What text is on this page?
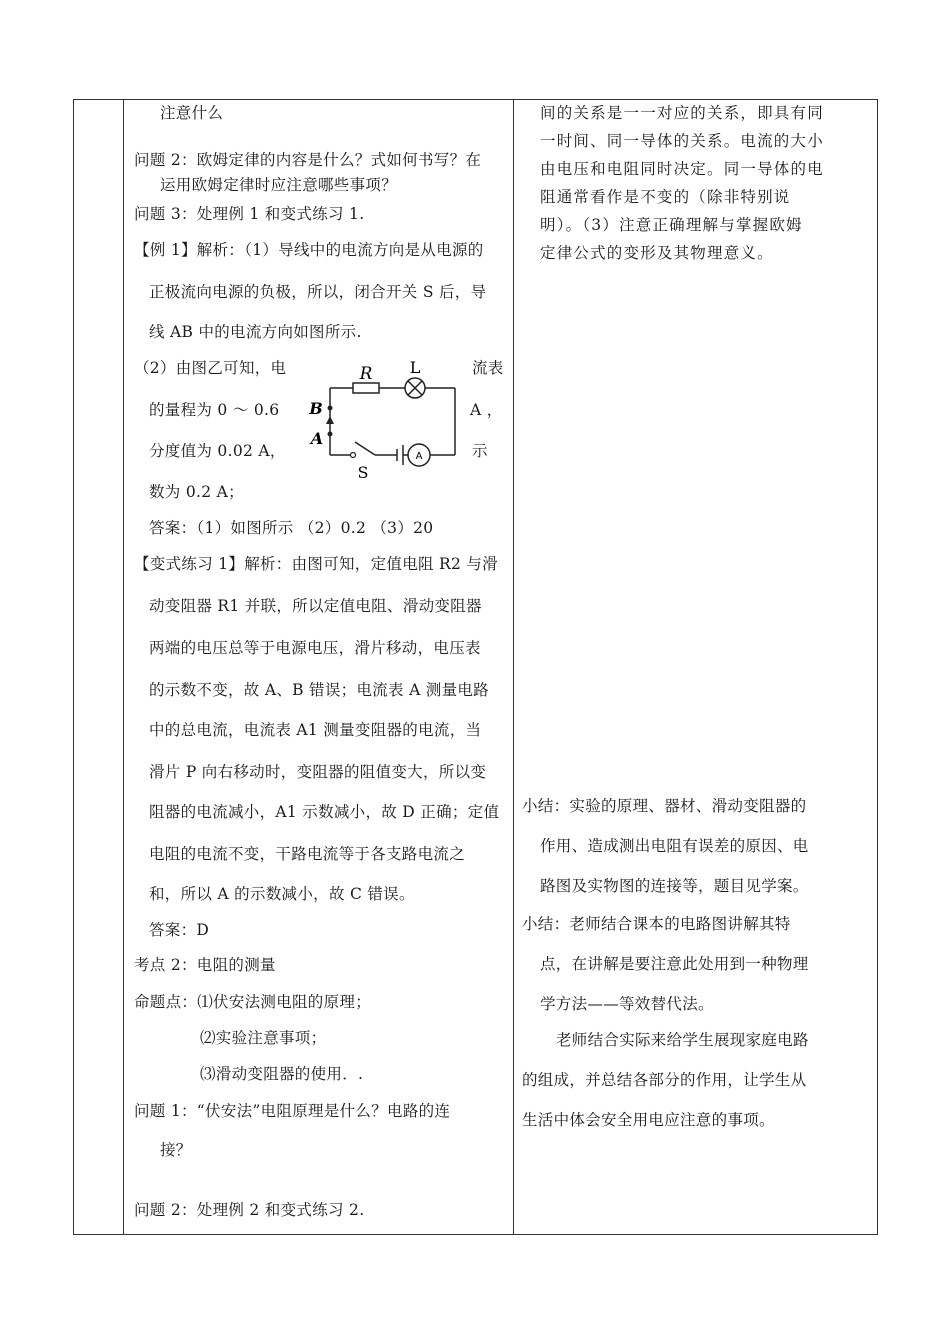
注意什么
问题 2：欧姆定律的内容是什么？式如何书写？在
运用欧姆定律时应注意哪些事项？
问题 3：处理例 1 和变式练习 1.
【例 1】解析：（1）导线中的电流方向是从电源的
正极流向电源的负极，所以，闭合开关 S 后，导
线 AB 中的电流方向如图所示.
（2）由图乙可知，电	流表
的量程为 0 ～ 0.6	A ，
分度值为 0.02 A，	示
数为 0.2 A；
答案：（1）如图所示 （2）0.2 （3）20
【变式练习 1】解析：由图可知，定值电阻 R2 与滑
动变阻器 R1 并联，所以定值电阻、滑动变阻器
两端的电压总等于电源电压，滑片移动，电压表
的示数不变，故 A、B 错误；电流表 A 测量电路
中的总电流，电流表 A1 测量变阻器的电流，当
滑片 P 向右移动时，变阻器的阻值变大，所以变
阻器的电流减小，A1 示数减小，故 D 正确；定值
电阻的电流不变，干路电流等于各支路电流之
和，所以 A 的示数减小，故 C 错误。
答案：D
考点 2：电阻的测量
命题点：⑴伏安法测电阻的原理；
⑵实验注意事项；
⑶滑动变阻器的使用．.
问题 1：“伏安法”电阻原理是什么？电路的连
接？
问题 2：处理例 2 和变式练习 2.
R L
B
A
S
A
间的关系是一一对应的关系，即具有同
一时间、同一导体的关系。电流的大小
由电压和电阻同时决定。同一导体的电
阻通常看作是不变的（除非特别说
明）。（3）注意正确理解与掌握欧姆
定律公式的变形及其物理意义。
小结：实验的原理、器材、滑动变阻器的
作用、造成测出电阻有误差的原因、电
路图及实物图的连接等，题目见学案。
小结：老师结合课本的电路图讲解其特
点，在讲解是要注意此处用到一种物理
学方法——等效替代法。
老师结合实际来给学生展现家庭电路
的组成，并总结各部分的作用，让学生从
生活中体会安全用电应注意的事项。
